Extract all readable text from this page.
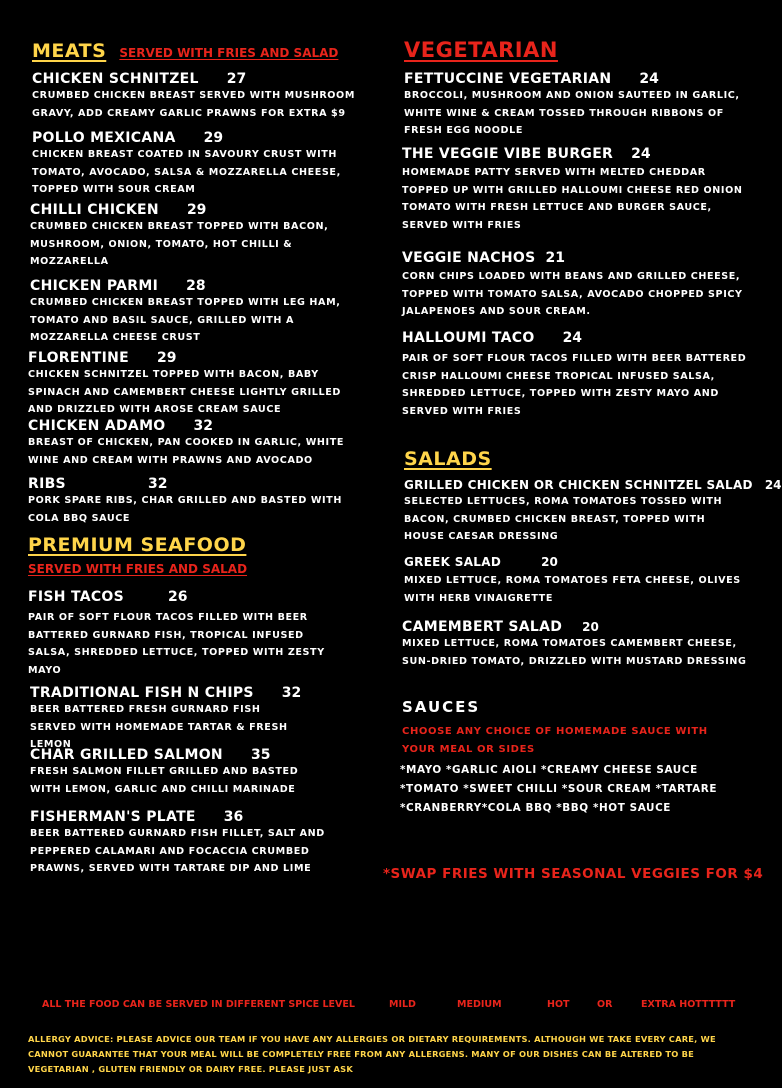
MEATS SERVED WITH FRIES AND SALAD
CHICKEN SCHNITZEL 27
CRUMBED CHICKEN BREAST SERVED WITH MUSHROOM GRAVY, ADD CREAMY GARLIC PRAWNS FOR EXTRA $9
POLLO MEXICANA 29
CHICKEN BREAST COATED IN SAVOURY CRUST WITH TOMATO, AVOCADO, SALSA & MOZZARELLA CHEESE, TOPPED WITH SOUR CREAM
CHILLI CHICKEN 29
CRUMBED CHICKEN BREAST TOPPED WITH BACON, MUSHROOM, ONION, TOMATO, HOT CHILLI & MOZZARELLA
CHICKEN PARMI 28
CRUMBED CHICKEN BREAST TOPPED WITH LEG HAM, TOMATO AND BASIL SAUCE, GRILLED WITH A MOZZARELLA CHEESE CRUST
FLORENTINE 29
CHICKEN SCHNITZEL TOPPED WITH BACON, BABY SPINACH AND CAMEMBERT CHEESE LIGHTLY GRILLED AND DRIZZLED WITH AROSE CREAM SAUCE
CHICKEN ADAMO 32
BREAST OF CHICKEN, PAN COOKED IN GARLIC, WHITE WINE AND CREAM WITH PRAWNS AND AVOCADO
RIBS	32
PORK SPARE RIBS, CHAR GRILLED AND BASTED WITH COLA BBQ SAUCE
PREMIUM SEAFOOD
SERVED WITH FRIES AND SALAD
FISH TACOS	26
PAIR OF SOFT FLOUR TACOS FILLED WITH BEER BATTERED GURNARD FISH, TROPICAL INFUSED SALSA, SHREDDED LETTUCE, TOPPED WITH ZESTY MAYO
TRADITIONAL FISH N CHIPS 32
BEER BATTERED FRESH GURNARD FISH SERVED WITH HOMEMADE TARTAR & FRESH LEMON
CHAR GRILLED SALMON 35
FRESH SALMON FILLET GRILLED AND BASTED WITH LEMON, GARLIC AND CHILLI MARINADE
FISHERMAN'S PLATE 36
BEER BATTERED GURNARD FISH FILLET, SALT AND PEPPERED CALAMARI AND FOCACCIA CRUMBED PRAWNS, SERVED WITH TARTARE DIP AND LIME
VEGETARIAN
FETTUCCINE VEGETARIAN 24
BROCCOLI, MUSHROOM AND ONION SAUTEED IN GARLIC, WHITE WINE & CREAM TOSSED THROUGH RIBBONS OF FRESH EGG NOODLE
THE VEGGIE VIBE BURGER 24
HOMEMADE PATTY SERVED WITH MELTED CHEDDAR TOPPED UP WITH GRILLED HALLOUMI CHEESE RED ONION TOMATO WITH FRESH LETTUCE AND BURGER SAUCE, SERVED WITH FRIES
VEGGIE NACHOS 21
CORN CHIPS LOADED WITH BEANS AND GRILLED CHEESE, TOPPED WITH TOMATO SALSA, AVOCADO CHOPPED SPICY JALAPENOES AND SOUR CREAM.
HALLOUMI TACO 24
PAIR OF SOFT FLOUR TACOS FILLED WITH BEER BATTERED CRISP HALLOUMI CHEESE TROPICAL INFUSED SALSA, SHREDDED LETTUCE, TOPPED WITH ZESTY MAYO AND SERVED WITH FRIES
SALADS
GRILLED CHICKEN OR CHICKEN SCHNITZEL SALAD 24
SELECTED LETTUCES, ROMA TOMATOES TOSSED WITH BACON, CRUMBED CHICKEN BREAST, TOPPED WITH HOUSE CAESAR DRESSING
GREEK SALAD	20
MIXED LETTUCE, ROMA TOMATOES FETA CHEESE, OLIVES WITH HERB VINAIGRETTE
CAMEMBERT SALAD 20
MIXED LETTUCE, ROMA TOMATOES CAMEMBERT CHEESE, SUN-DRIED TOMATO, DRIZZLED WITH MUSTARD DRESSING
SAUCES
CHOOSE ANY CHOICE OF HOMEMADE SAUCE WITH YOUR MEAL OR SIDES
*MAYO *GARLIC AIOLI *CREAMY CHEESE SAUCE *TOMATO *SWEET CHILLI *SOUR CREAM *TARTARE *CRANBERRY*COLA BBQ *BBQ *HOT SAUCE
*SWAP FRIES WITH SEASONAL VEGGIES FOR $4
ALL THE FOOD CAN BE SERVED IN DIFFERENT SPICE LEVEL	MILD	MEDIUM	HOT	OR	EXTRA HOTTTTTT
ALLERGY ADVICE: PLEASE ADVICE OUR TEAM IF YOU HAVE ANY ALLERGIES OR DIETARY REQUIREMENTS. ALTHOUGH WE TAKE EVERY CARE, WE CANNOT GUARANTEE THAT YOUR MEAL WILL BE COMPLETELY FREE FROM ANY ALLERGENS. MANY OF OUR DISHES CAN BE ALTERED TO BE VEGETARIAN , GLUTEN FRIENDLY OR DAIRY FREE. PLEASE JUST ASK
